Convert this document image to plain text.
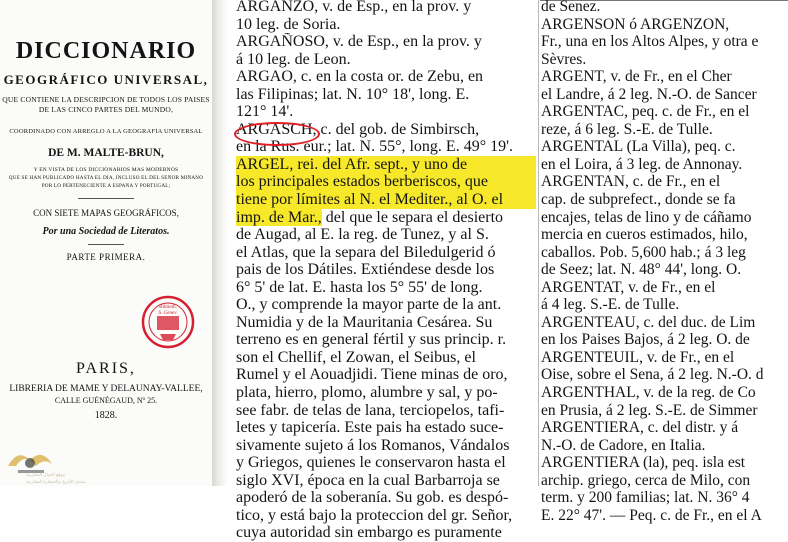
DICCIONARIO
GEOGRÁFICO UNIVERSAL,
QUE CONTIENE LA DESCRIPCION DE TODOS LOS PAISES
DE LAS CINCO PARTES DEL MUNDO,
COORDINADO CON ARREGLO A LA GEOGRAFÍA UNIVERSAL
DE M. MALTE-BRUN,
Y EN VISTA DE LOS DICCIONARIOS MAS MODERNOS
QUE SE HAN PUBLICADO HASTA EL DIA, INCLUSO EL DEL SEÑOR MIÑANO
POR LO PERTENECIENTE A ESPAÑA Y PORTUGAL;
CON SIETE MAPAS GEOGRÁFICOS,
Por una Sociedad de Literatos.
PARTE PRIMERA.
Biblioth.
S. Genev.
PARIS,
LIBRERÍA DE MAME Y DELAUNAY-VALLEE,
CALLE GUÉNÉGAUD, Nº 25.
1828.
موقع الجبال المغاربية
منتدى التاريخ والحضارة المغاربية
ARGANZO, v. de Esp., en la prov. y
10 leg. de Soria.
ARGAÑOSO, v. de Esp., en la prov. y
á 10 leg. de Leon.
ARGAO, c. en la costa or. de Zebu, en
las Filipinas; lat. N. 10° 18', long. E.
121° 14'.
ARGASCH, c. del gob. de Simbirsch,
en la Rus. eur.; lat. N. 55°, long. E. 49° 19'.
ARGEL, rei. del Afr. sept., y uno de
los principales estados berberiscos, que
tiene por límites al N. el Mediter., al O. el
imp. de Mar., del que le separa el desierto
de Augad, al E. la reg. de Tunez, y al S.
el Atlas, que la separa del Biledulgerid ó
pais de los Dátiles. Extiéndese desde los
6° 5' de lat. E. hasta los 5° 55' de long.
O., y comprende la mayor parte de la ant.
Numidia y de la Mauritania Cesárea. Su
terreno es en general fértil y sus princip. r.
son el Chellif, el Zowan, el Seibus, el
Rumel y el Aouadjidi. Tiene minas de oro,
plata, hierro, plomo, alumbre y sal, y po-
see fabr. de telas de lana, terciopelos, tafi-
letes y tapicería. Este pais ha estado suce-
sivamente sujeto á los Romanos, Vándalos
y Griegos, quienes le conservaron hasta el
siglo XVI, época en la cual Barbarroja se
apoderó de la soberanía. Su gob. es despó-
tico, y está bajo la proteccion del gr. Señor,
cuya autoridad sin embargo es puramente
de Senez.
ARGENSON ó ARGENZON,
Fr., una en los Altos Alpes, y otra e
Sèvres.
ARGENT, v. de Fr., en el Cher
el Landre, á 2 leg. N.-O. de Sancer
ARGENTAC, peq. c. de Fr., en el
reze, á 6 leg. S.-E. de Tulle.
ARGENTAL (La Villa), peq. c.
en el Loira, á 3 leg. de Annonay.
ARGENTAN, c. de Fr., en el
cap. de subprefect., donde se fa
encajes, telas de lino y de cáñamo
mercia en cueros estimados, hilo,
caballos. Pob. 5,600 hab.; á 3 leg
de Seez; lat. N. 48° 44', long. O.
ARGENTAT, v. de Fr., en el
á 4 leg. S.-E. de Tulle.
ARGENTEAU, c. del duc. de Lim
en los Paises Bajos, á 2 leg. O. de
ARGENTEUIL, v. de Fr., en el
Oise, sobre el Sena, á 2 leg. N.-O. d
ARGENTHAL, v. de la reg. de Co
en Prusia, á 2 leg. S.-E. de Simmer
ARGENTIERA, c. del distr. y á
N.-O. de Cadore, en Italia.
ARGENTIERA (la), peq. isla est
archip. griego, cerca de Milo, con
term. y 200 familias; lat. N. 36° 4
E. 22° 47'. — Peq. c. de Fr., en el A
